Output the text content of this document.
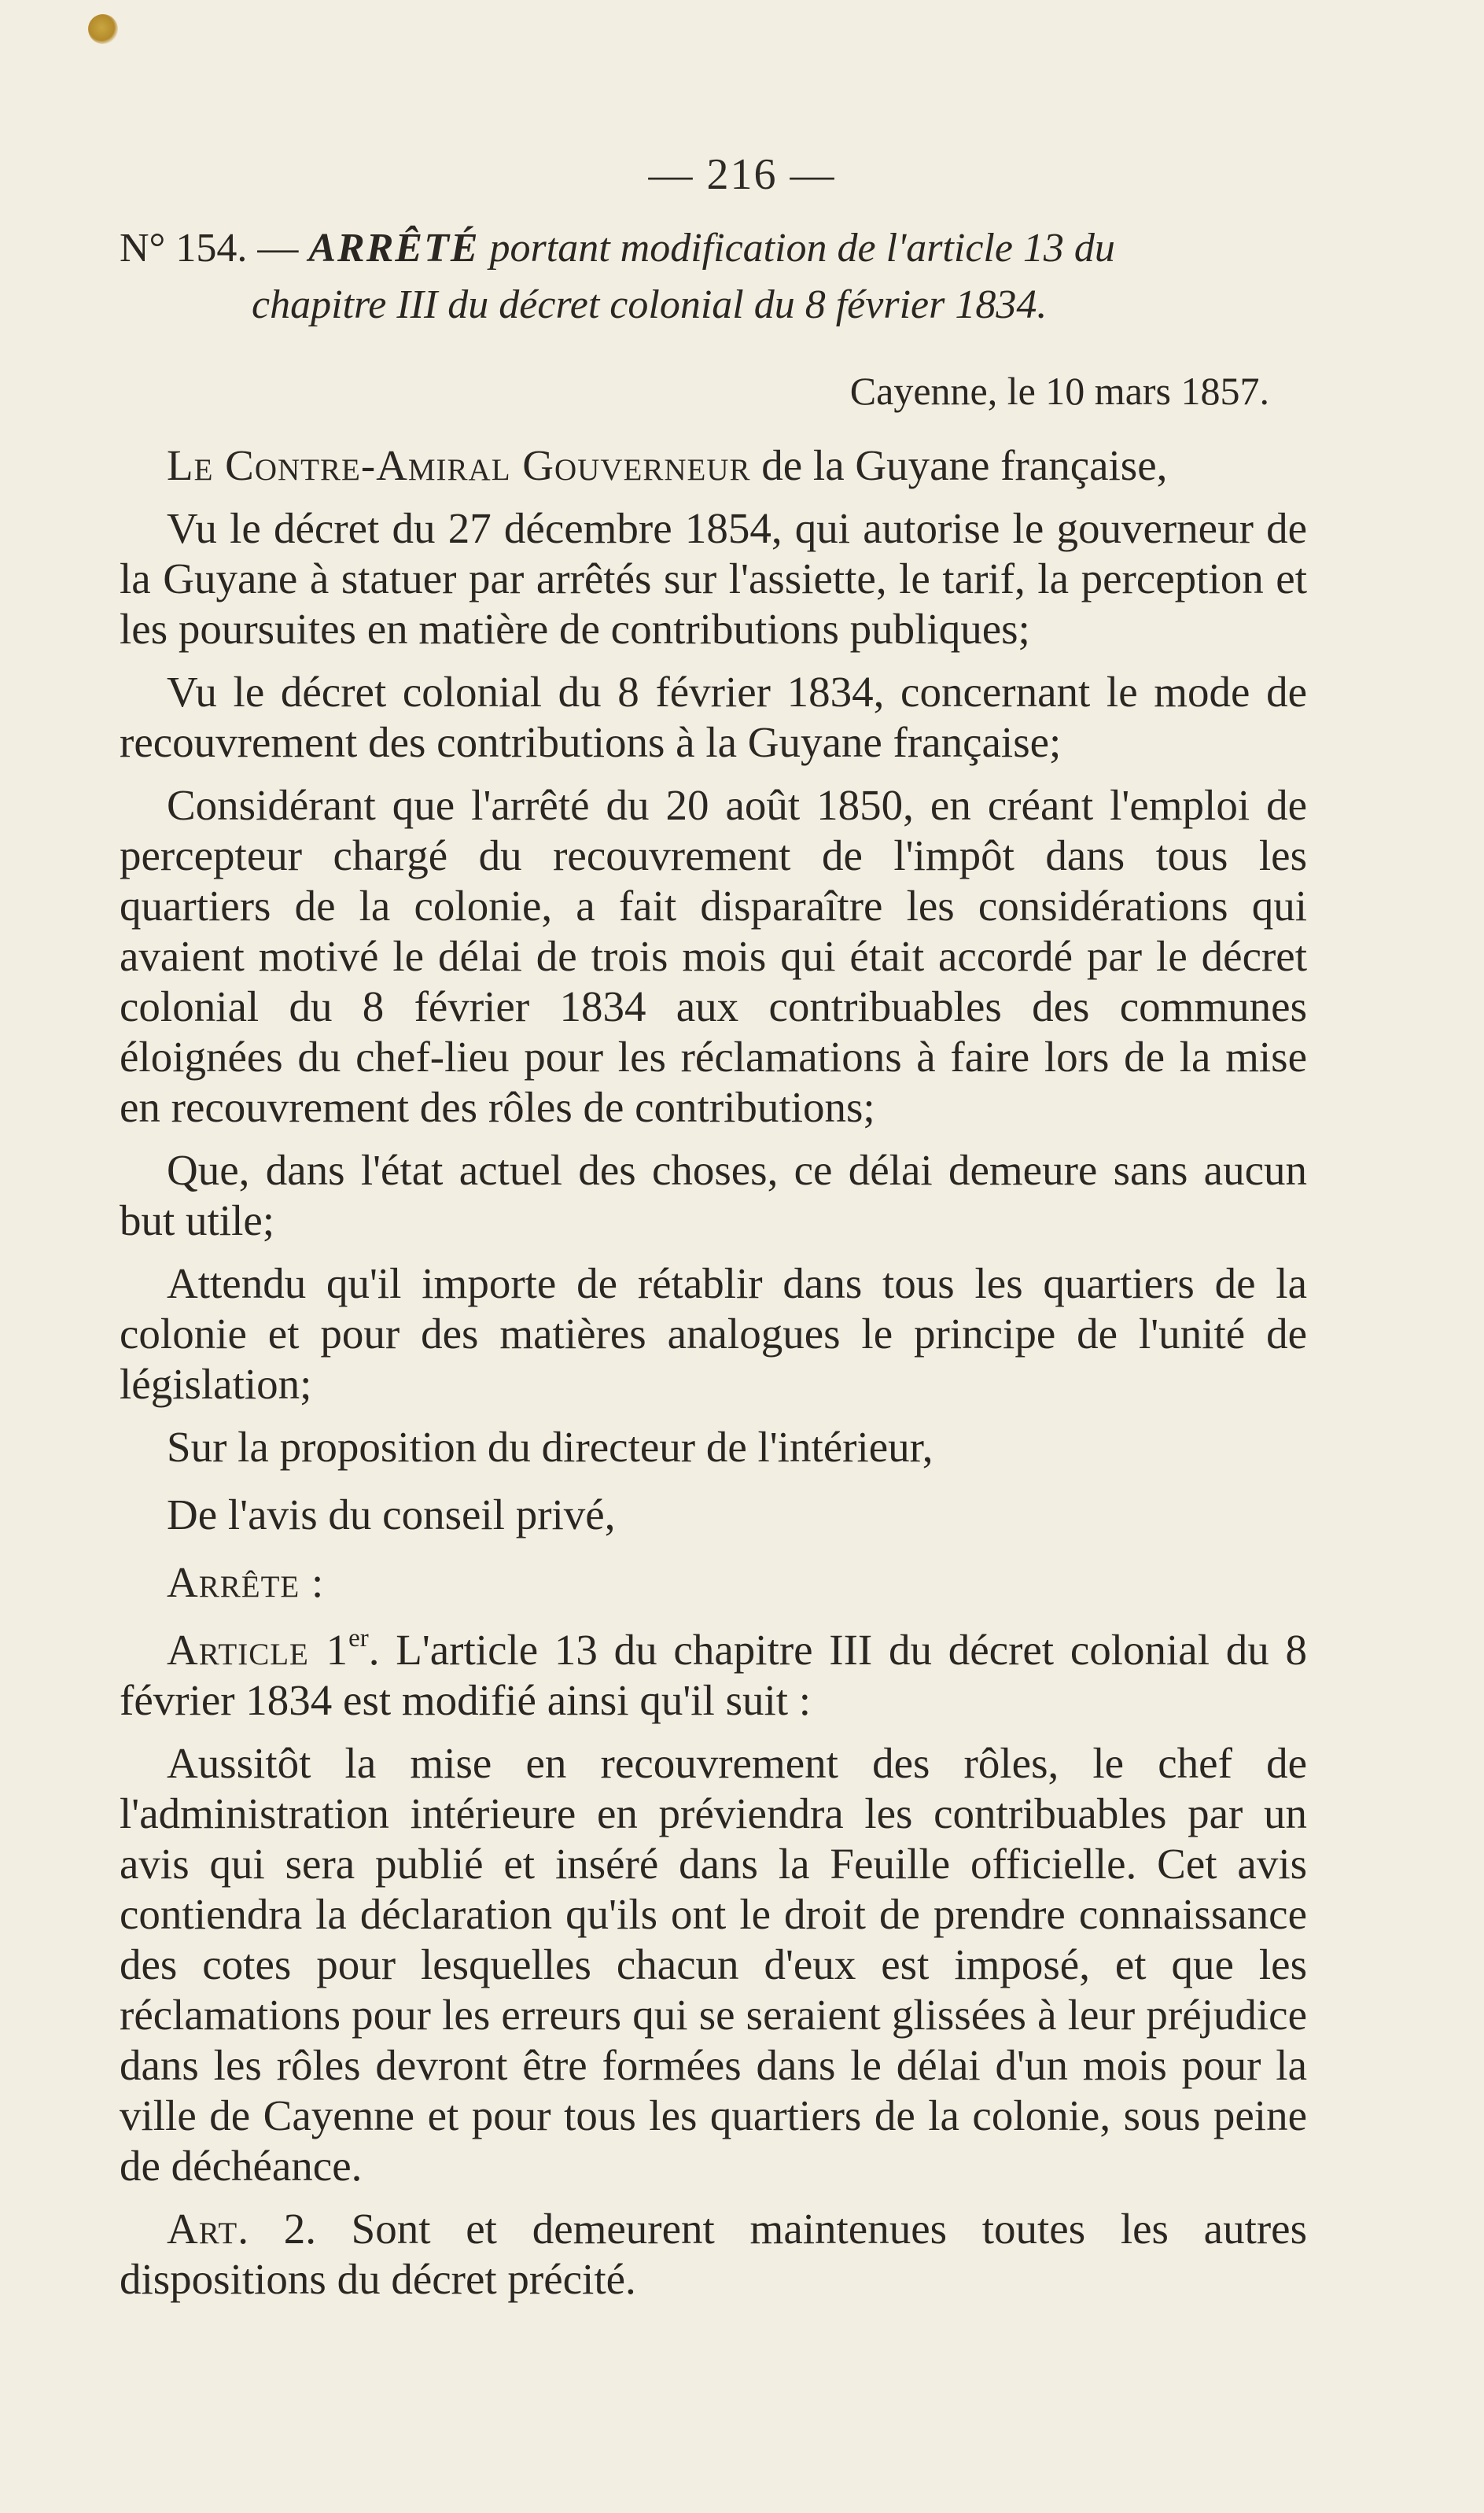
— 216 —
N° 154. — ARRÊTÉ portant modification de l'article 13 du
chapitre III du décret colonial du 8 février 1834.
Cayenne, le 10 mars 1857.

Le Contre-Amiral Gouverneur de la Guyane française,

Vu le décret du 27 décembre 1854, qui autorise le gouverneur de la Guyane à statuer par arrêtés sur l'assiette, le tarif, la perception et les poursuites en matière de contributions publiques;

Vu le décret colonial du 8 février 1834, concernant le mode de recouvrement des contributions à la Guyane française;

Considérant que l'arrêté du 20 août 1850, en créant l'emploi de percepteur chargé du recouvrement de l'impôt dans tous les quartiers de la colonie, a fait disparaître les considérations qui avaient motivé le délai de trois mois qui était accordé par le décret colonial du 8 février 1834 aux contribuables des communes éloignées du chef-lieu pour les réclamations à faire lors de la mise en recouvrement des rôles de contributions;

Que, dans l'état actuel des choses, ce délai demeure sans aucun but utile;

Attendu qu'il importe de rétablir dans tous les quartiers de la colonie et pour des matières analogues le principe de l'unité de législation;

Sur la proposition du directeur de l'intérieur,

De l'avis du conseil privé,

Arrête :

Article 1er. L'article 13 du chapitre III du décret colonial du 8 février 1834 est modifié ainsi qu'il suit :

Aussitôt la mise en recouvrement des rôles, le chef de l'administration intérieure en préviendra les contribuables par un avis qui sera publié et inséré dans la Feuille officielle. Cet avis contiendra la déclaration qu'ils ont le droit de prendre connaissance des cotes pour lesquelles chacun d'eux est imposé, et que les réclamations pour les erreurs qui se seraient glissées à leur préjudice dans les rôles devront être formées dans le délai d'un mois pour la ville de Cayenne et pour tous les quartiers de la colonie, sous peine de déchéance.

Art. 2. Sont et demeurent maintenues toutes les autres dispositions du décret précité.
